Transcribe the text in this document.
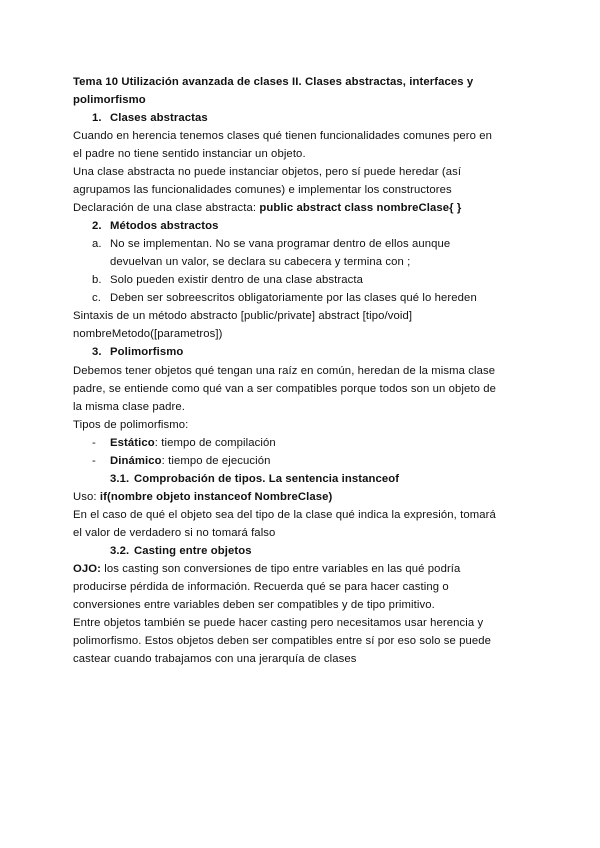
Tema 10 Utilización avanzada de clases II. Clases abstractas, interfaces y
polimorfismo
1. Clases abstractas
Cuando en herencia tenemos clases qué tienen funcionalidades comunes pero en
el padre no tiene sentido instanciar un objeto.
Una clase abstracta no puede instanciar objetos, pero sí puede heredar (así
agrupamos las funcionalidades comunes) e implementar los constructores
Declaración de una clase abstracta: public abstract class nombreClase{ }
2. Métodos abstractos
a. No se implementan. No se vana programar dentro de ellos aunque
devuelvan un valor, se declara su cabecera y termina con ;
b. Solo pueden existir dentro de una clase abstracta
c. Deben ser sobreescritos obligatoriamente por las clases qué lo hereden
Sintaxis de un método abstracto [public/private] abstract [tipo/void]
nombreMetodo([parametros])
3. Polimorfismo
Debemos tener objetos qué tengan una raíz en común, heredan de la misma clase
padre, se entiende como qué van a ser compatibles porque todos son un objeto de
la misma clase padre.
Tipos de polimorfismo:
- Estático: tiempo de compilación
- Dinámico: tiempo de ejecución
3.1. Comprobación de tipos. La sentencia instanceof
Uso: if(nombre objeto instanceof NombreClase)
En el caso de qué el objeto sea del tipo de la clase qué indica la expresión, tomará
el valor de verdadero si no tomará falso
3.2. Casting entre objetos
OJO: los casting son conversiones de tipo entre variables en las qué podría
producirse pérdida de información. Recuerda qué se para hacer casting o
conversiones entre variables deben ser compatibles y de tipo primitivo.
Entre objetos también se puede hacer casting pero necesitamos usar herencia y
polimorfismo. Estos objetos deben ser compatibles entre sí por eso solo se puede
castear cuando trabajamos con una jerarquía de clases
